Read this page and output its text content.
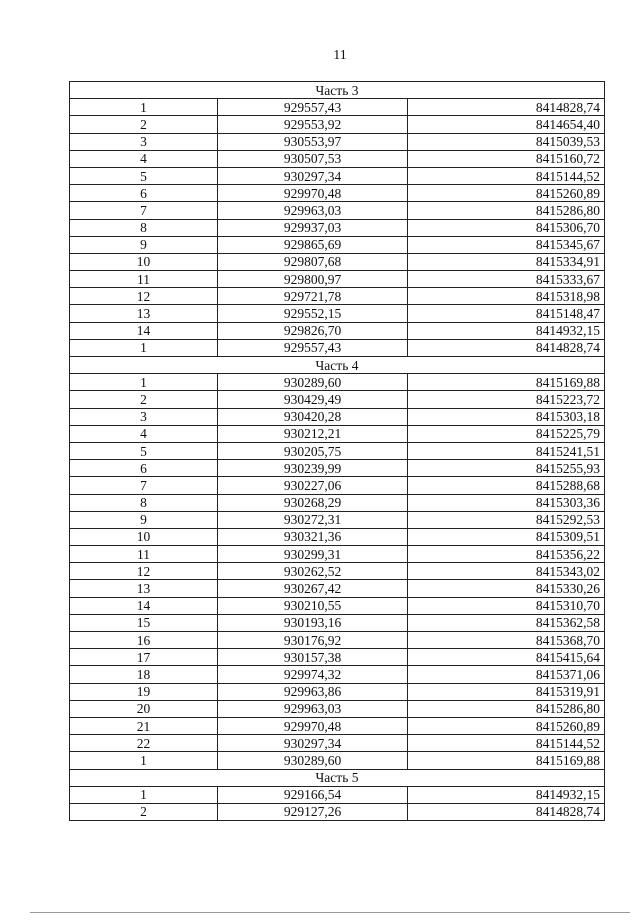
11
Часть 3		
1	929557,43	8414828,74
2	929553,92	8414654,40
3	930553,97	8415039,53
4	930507,53	8415160,72
5	930297,34	8415144,52
6	929970,48	8415260,89
7	929963,03	8415286,80
8	929937,03	8415306,70
9	929865,69	8415345,67
10	929807,68	8415334,91
11	929800,97	8415333,67
12	929721,78	8415318,98
13	929552,15	8415148,47
14	929826,70	8414932,15
1	929557,43	8414828,74
Часть 4		
1	930289,60	8415169,88
2	930429,49	8415223,72
3	930420,28	8415303,18
4	930212,21	8415225,79
5	930205,75	8415241,51
6	930239,99	8415255,93
7	930227,06	8415288,68
8	930268,29	8415303,36
9	930272,31	8415292,53
10	930321,36	8415309,51
11	930299,31	8415356,22
12	930262,52	8415343,02
13	930267,42	8415330,26
14	930210,55	8415310,70
15	930193,16	8415362,58
16	930176,92	8415368,70
17	930157,38	8415415,64
18	929974,32	8415371,06
19	929963,86	8415319,91
20	929963,03	8415286,80
21	929970,48	8415260,89
22	930297,34	8415144,52
1	930289,60	8415169,88
Часть 5		
1	929166,54	8414932,15
2	929127,26	8414828,74
